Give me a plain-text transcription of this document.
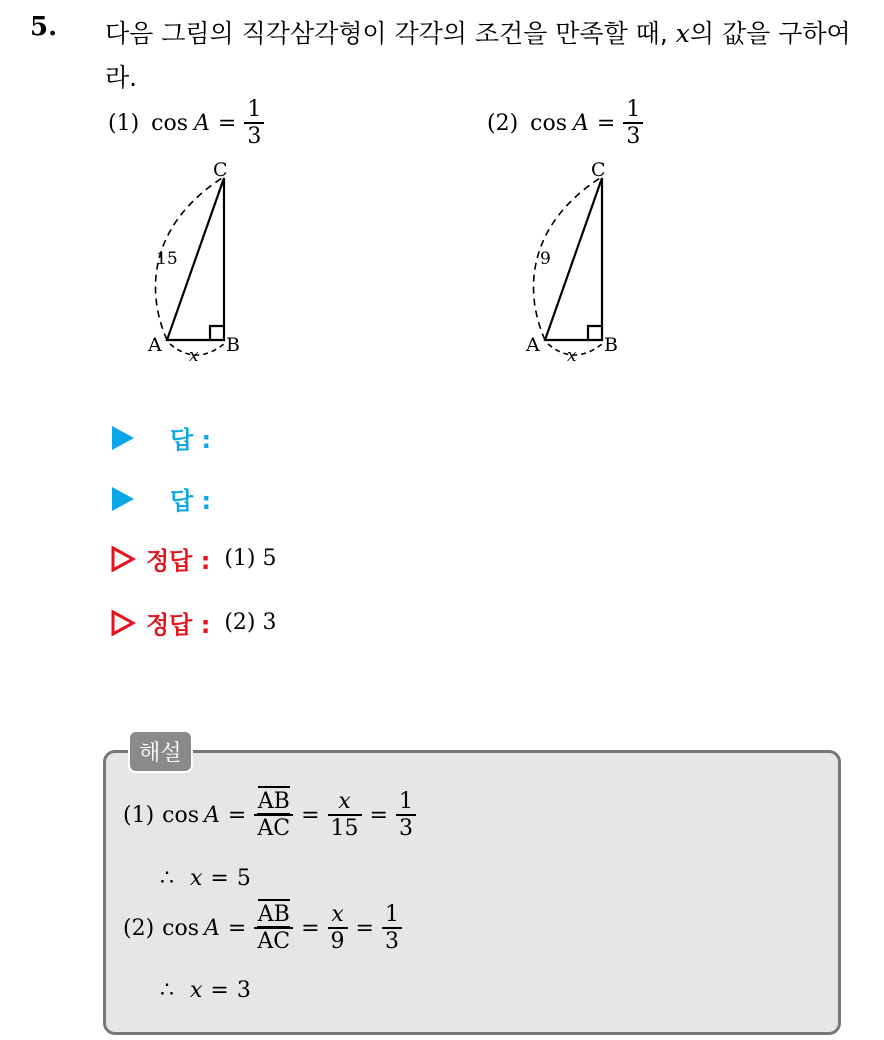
5. 다음 그림의 직각삼각형이 각각의 조건을 만족할 때, x의 값을 구하여라.
(1) $\cos A = \frac{1}{3}$	(2) $\cos A = \frac{1}{3}$
C
A	B
15
x
C
A	B
9
x
답 :
답 :
정답 : (1) 5
정답 : (2) 3
해설
(1) $\cos A = \frac{AB}{AC} = \frac{x}{15} = \frac{1}{3}$
∴ x = 5
(2) $\cos A = \frac{AB}{AC} = \frac{x}{9} = \frac{1}{3}$
∴ x = 3
